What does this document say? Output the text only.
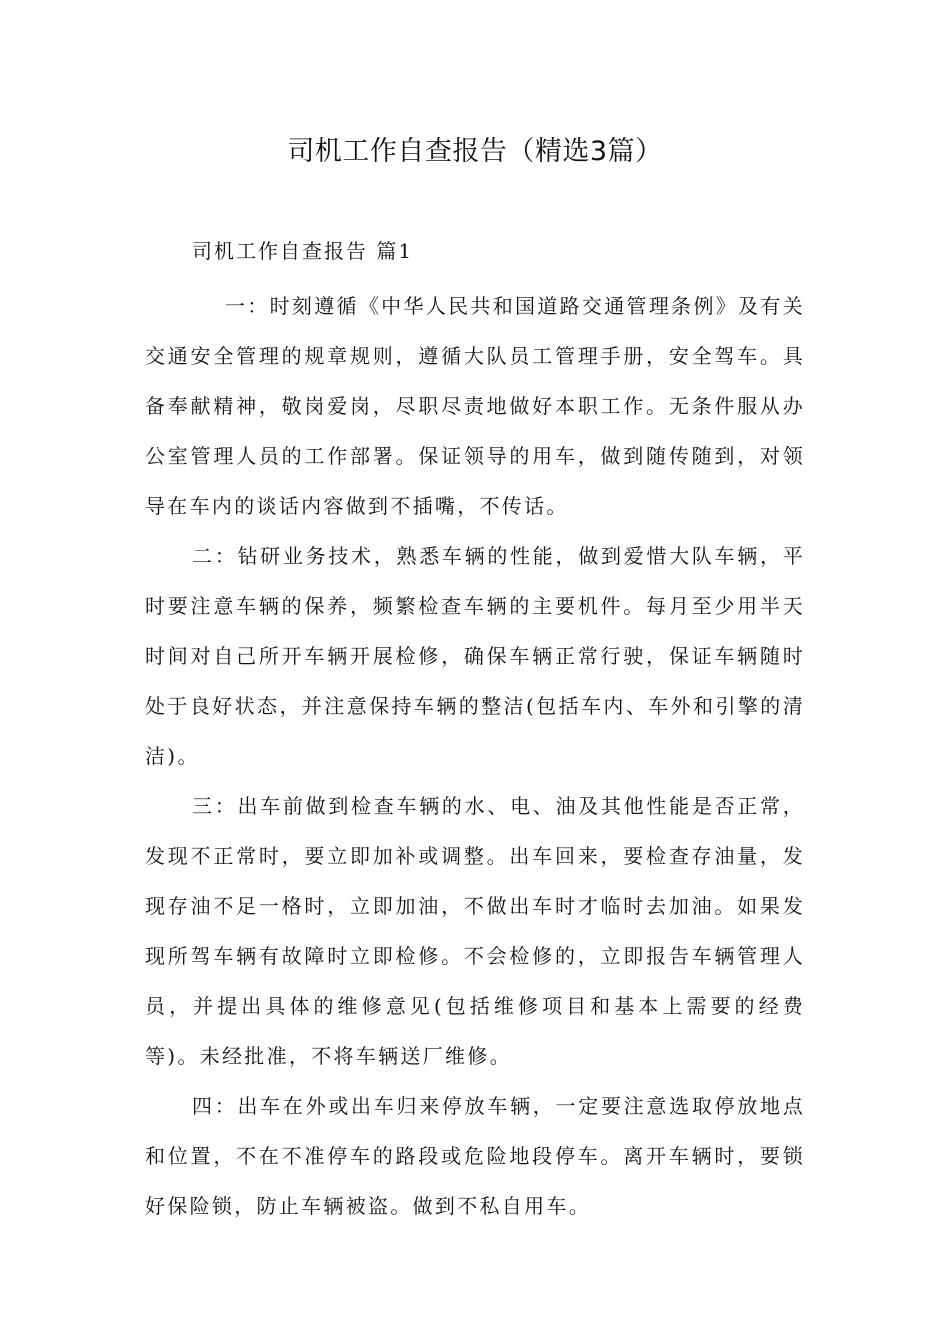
司机工作自查报告（精选3篇）
司机工作自查报告 篇1

一：时刻遵循《中华人民共和国道路交通管理条例》及有关交通安全管理的规章规则，遵循大队员工管理手册，安全驾车。具备奉献精神，敬岗爱岗，尽职尽责地做好本职工作。无条件服从办公室管理人员的工作部署。保证领导的用车，做到随传随到，对领导在车内的谈话内容做到不插嘴，不传话。

二：钻研业务技术，熟悉车辆的性能，做到爱惜大队车辆，平时要注意车辆的保养，频繁检查车辆的主要机件。每月至少用半天时间对自己所开车辆开展检修，确保车辆正常行驶，保证车辆随时处于良好状态，并注意保持车辆的整洁(包括车内、车外和引擎的清洁)。

三：出车前做到检查车辆的水、电、油及其他性能是否正常，发现不正常时，要立即加补或调整。出车回来，要检查存油量，发现存油不足一格时，立即加油，不做出车时才临时去加油。如果发现所驾车辆有故障时立即检修。不会检修的，立即报告车辆管理人员，并提出具体的维修意见(包括维修项目和基本上需要的经费等)。未经批准，不将车辆送厂维修。

四：出车在外或出车归来停放车辆，一定要注意选取停放地点和位置，不在不准停车的路段或危险地段停车。离开车辆时，要锁好保险锁，防止车辆被盗。做到不私自用车。
